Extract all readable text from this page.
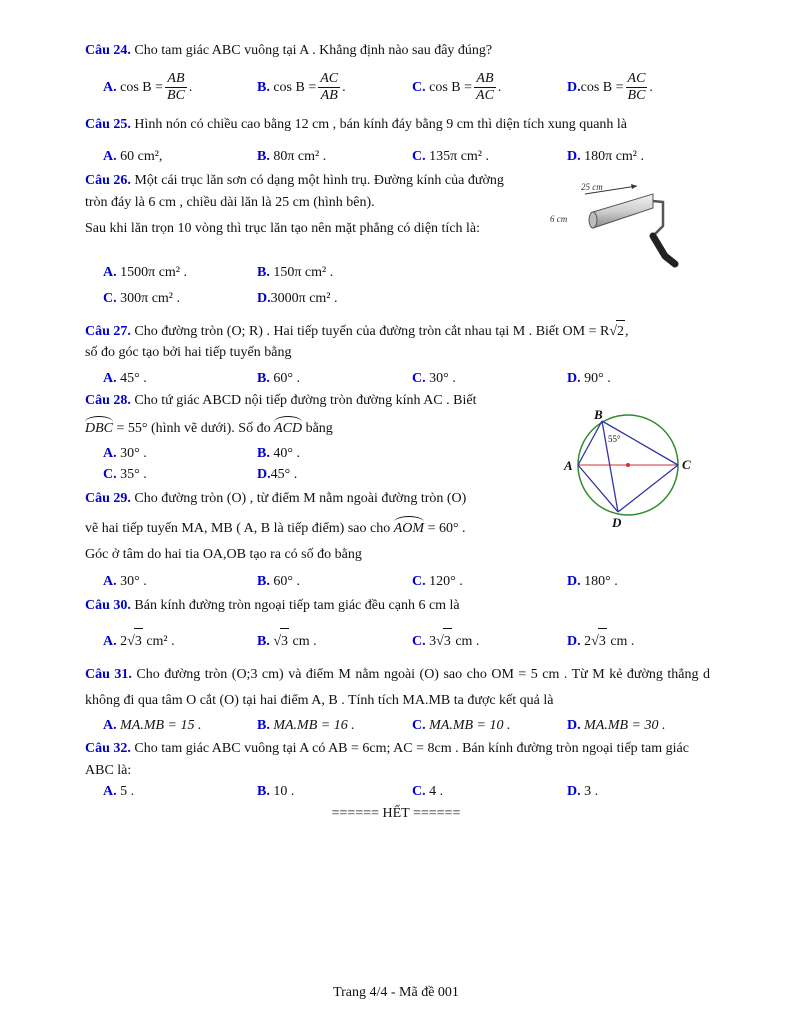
Câu 24. Cho tam giác ABC vuông tại A . Khẳng định nào sau đây đúng?
A. $\cos B = \frac{AB}{BC}$ .	B. $\cos B = \frac{AC}{AB}$ .	C. $\cos B = \frac{AB}{AC}$ .	D.cos $B = \frac{AC}{BC}$ .
Câu 25. Hình nón có chiều cao bằng 12 cm , bán kính đáy bằng 9 cm thì diện tích xung quanh là
A. 60 cm²,	B. 80π cm² .	C. 135π cm² .	D. 180π cm² .
Câu 26. Một cái trục lăn sơn có dạng một hình trụ. Đường kính của đường tròn đáy là 6 cm , chiều dài lăn là 25 cm (hình bên).
Sau khi lăn trọn 10 vòng thì trục lăn tạo nên mặt phẳng có diện tích là:
25 cm
6 cm
A. 1500π cm² .	B. 150π cm² .
C. 300π cm² .	D.3000π cm² .
Câu 27. Cho đường tròn (O; R) . Hai tiếp tuyến của đường tròn cắt nhau tại M . Biết OM = R√2,
số đo góc tạo bởi hai tiếp tuyến bằng
A. 45° .	B. 60° .	C. 30° .	D. 90° .
Câu 28. Cho tứ giác ABCD nội tiếp đường tròn đường kính AC . Biết
DBC = 55° (hình vẽ dưới). Số đo ACD bằng
A. 30° .	B. 40° .
C. 35° .	D.45° .
B
A	C
D
55°
Câu 29. Cho đường tròn (O) , từ điểm M nằm ngoài đường tròn (O)
vẽ hai tiếp tuyến MA, MB ( A, B là tiếp điểm) sao cho AOM = 60° .
Góc ở tâm do hai tia OA,OB tạo ra có số đo bằng
A. 30° .	B. 60° .	C. 120° .	D. 180° .
Câu 30. Bán kính đường tròn ngoại tiếp tam giác đều cạnh 6 cm là
A. 2√3 cm² .	B. √3 cm .	C. 3√3 cm .	D. 2√3 cm .
Câu 31. Cho đường tròn (O;3 cm) và điểm M nằm ngoài (O) sao cho OM = 5 cm . Từ M kẻ đường thẳng d không đi qua tâm O cắt (O) tại hai điểm A, B . Tính tích MA.MB ta được kết quả là
A. MA.MB = 15 .	B. MA.MB = 16 .	C. MA.MB = 10 .	D. MA.MB = 30 .
Câu 32. Cho tam giác ABC vuông tại A có AB = 6cm; AC = 8cm . Bán kính đường tròn ngoại tiếp tam giác ABC là:
A. 5 .	B. 10 .	C. 4 .	D. 3 .
====== HẾT ======
Trang 4/4 - Mã đề 001
